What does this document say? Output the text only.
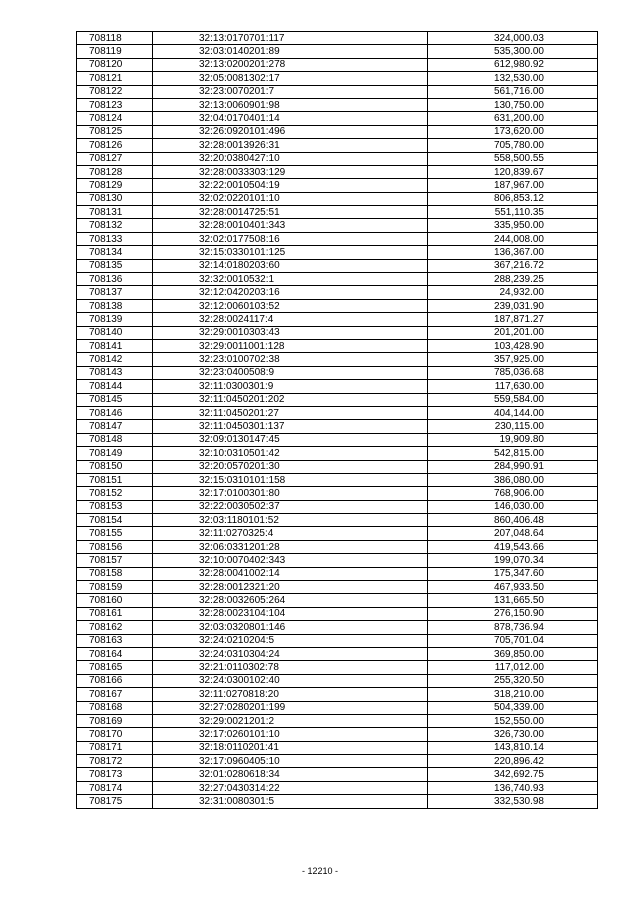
708118	32:13:0170701:117	324,000.03
708119	32:03:0140201:89	535,300.00
708120	32:13:0200201:278	612,980.92
708121	32:05:0081302:17	132,530.00
708122	32:23:0070201:7	561,716.00
708123	32:13:0060901:98	130,750.00
708124	32:04:0170401:14	631,200.00
708125	32:26:0920101:496	173,620.00
708126	32:28:0013926:31	705,780.00
708127	32:20:0380427:10	558,500.55
708128	32:28:0033303:129	120,839.67
708129	32:22:0010504:19	187,967.00
708130	32:02:0220101:10	806,853.12
708131	32:28:0014725:51	551,110.35
708132	32:28:0010401:343	335,950.00
708133	32:02:0177508:16	244,008.00
708134	32:15:0330101:125	136,367.00
708135	32:14:0180203:60	367,216.72
708136	32:32:0010532:1	288,239.25
708137	32:12:0420203:16	24,932.00
708138	32:12:0060103:52	239,031.90
708139	32:28:0024117:4	187,871.27
708140	32:29:0010303:43	201,201.00
708141	32:29:0011001:128	103,428.90
708142	32:23:0100702:38	357,925.00
708143	32:23:0400508:9	785,036.68
708144	32:11:0300301:9	117,630.00
708145	32:11:0450201:202	559,584.00
708146	32:11:0450201:27	404,144.00
708147	32:11:0450301:137	230,115.00
708148	32:09:0130147:45	19,909.80
708149	32:10:0310501:42	542,815.00
708150	32:20:0570201:30	284,990.91
708151	32:15:0310101:158	386,080.00
708152	32:17:0100301:80	768,906.00
708153	32:22:0030502:37	146,030.00
708154	32:03:1180101:52	860,406.48
708155	32:11:0270325:4	207,048.64
708156	32:06:0331201:28	419,543.66
708157	32:10:0070402:343	199,070.34
708158	32:28:0041002:14	175,347.60
708159	32:28:0012321:20	467,933.50
708160	32:28:0032605:264	131,665.50
708161	32:28:0023104:104	276,150.90
708162	32:03:0320801:146	878,736.94
708163	32:24:0210204:5	705,701.04
708164	32:24:0310304:24	369,850.00
708165	32:21:0110302:78	117,012.00
708166	32:24:0300102:40	255,320.50
708167	32:11:0270818:20	318,210.00
708168	32:27:0280201:199	504,339.00
708169	32:29:0021201:2	152,550.00
708170	32:17:0260101:10	326,730.00
708171	32:18:0110201:41	143,810.14
708172	32:17:0960405:10	220,896.42
708173	32:01:0280618:34	342,692.75
708174	32:27:0430314:22	136,740.93
708175	32:31:0080301:5	332,530.98
- 12210 -
